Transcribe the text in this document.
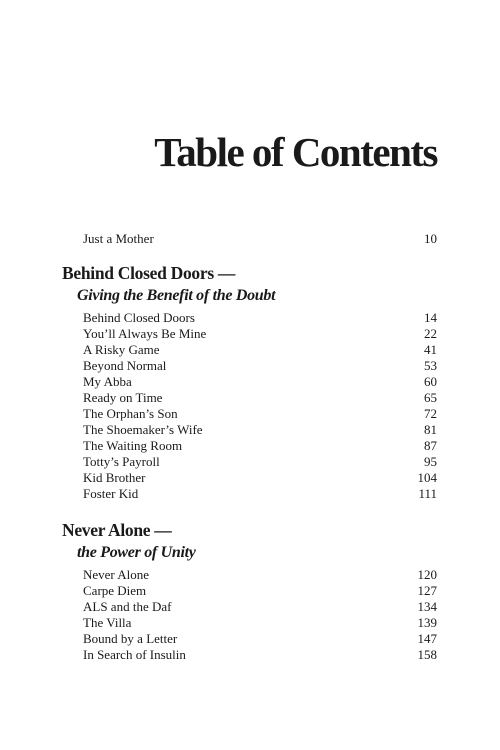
Table of Contents
Just a Mother	10
Behind Closed Doors —
Giving the Benefit of the Doubt
Behind Closed Doors	14
You’ll Always Be Mine	22
A Risky Game	41
Beyond Normal	53
My Abba	60
Ready on Time	65
The Orphan’s Son	72
The Shoemaker’s Wife	81
The Waiting Room	87
Totty’s Payroll	95
Kid Brother	104
Foster Kid	111
Never Alone —
the Power of Unity
Never Alone	120
Carpe Diem	127
ALS and the Daf	134
The Villa	139
Bound by a Letter	147
In Search of Insulin	158
